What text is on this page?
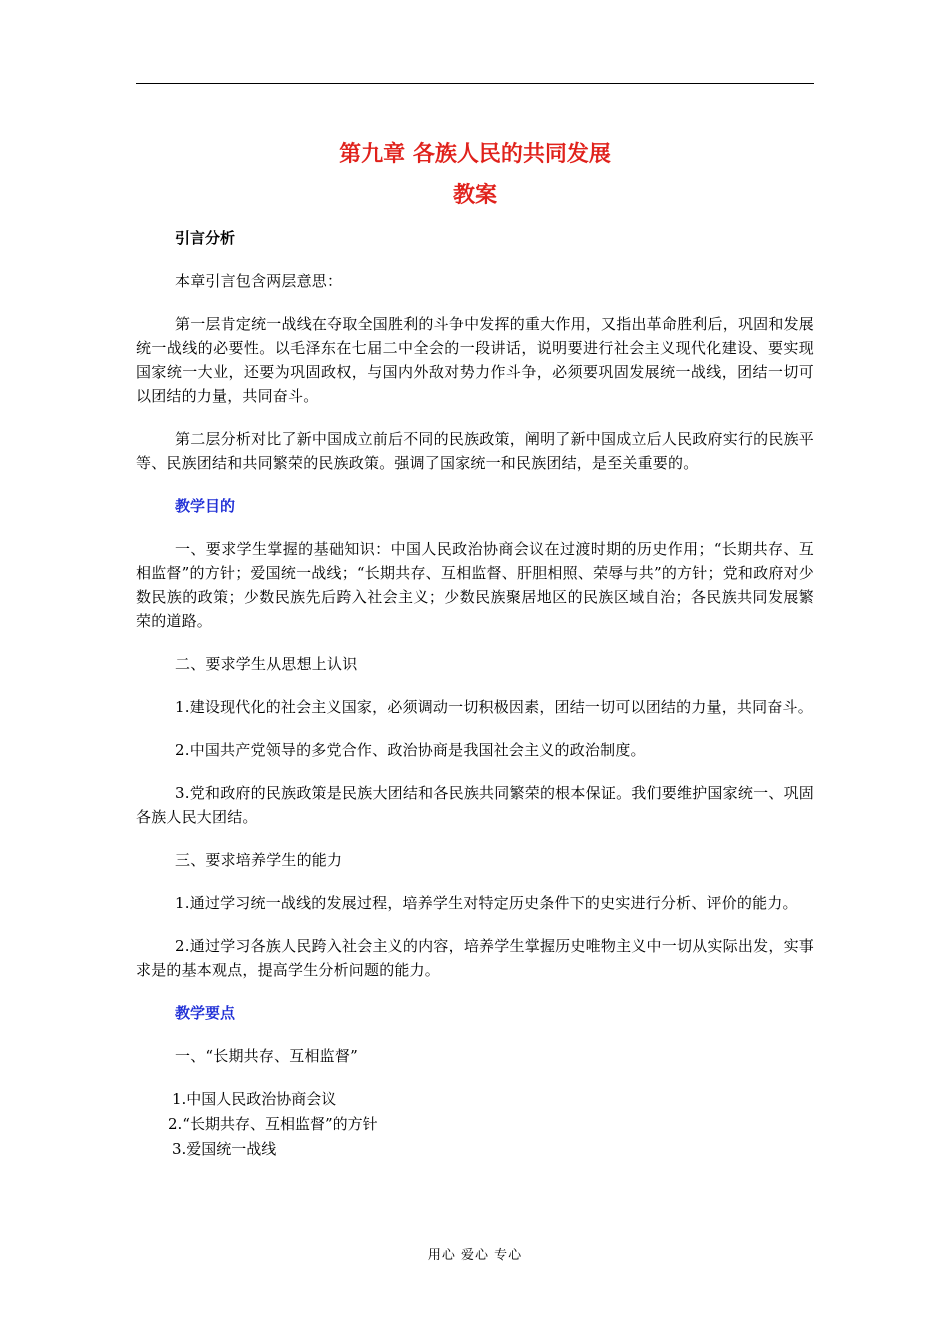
第九章 各族人民的共同发展
教案
引言分析

本章引言包含两层意思：

第一层肯定统一战线在夺取全国胜利的斗争中发挥的重大作用，又指出革命胜利后，巩固和发展统一战线的必要性。以毛泽东在七届二中全会的一段讲话，说明要进行社会主义现代化建设、要实现国家统一大业，还要为巩固政权，与国内外敌对势力作斗争，必须要巩固发展统一战线，团结一切可以团结的力量，共同奋斗。

第二层分析对比了新中国成立前后不同的民族政策，阐明了新中国成立后人民政府实行的民族平等、民族团结和共同繁荣的民族政策。强调了国家统一和民族团结，是至关重要的。

教学目的

一、要求学生掌握的基础知识：中国人民政治协商会议在过渡时期的历史作用；“长期共存、互相监督”的方针；爱国统一战线；“长期共存、互相监督、肝胆相照、荣辱与共”的方针；党和政府对少数民族的政策；少数民族先后跨入社会主义；少数民族聚居地区的民族区域自治；各民族共同发展繁荣的道路。

二、要求学生从思想上认识

1.建设现代化的社会主义国家，必须调动一切积极因素，团结一切可以团结的力量，共同奋斗。

2.中国共产党领导的多党合作、政治协商是我国社会主义的政治制度。

3.党和政府的民族政策是民族大团结和各民族共同繁荣的根本保证。我们要维护国家统一、巩固各族人民大团结。

三、要求培养学生的能力

1.通过学习统一战线的发展过程，培养学生对特定历史条件下的史实进行分析、评价的能力。

2.通过学习各族人民跨入社会主义的内容，培养学生掌握历史唯物主义中一切从实际出发，实事求是的基本观点，提高学生分析问题的能力。

教学要点

一、“长期共存、互相监督”

1.中国人民政治协商会议
2.“长期共存、互相监督”的方针
3.爱国统一战线
用心 爱心 专心
